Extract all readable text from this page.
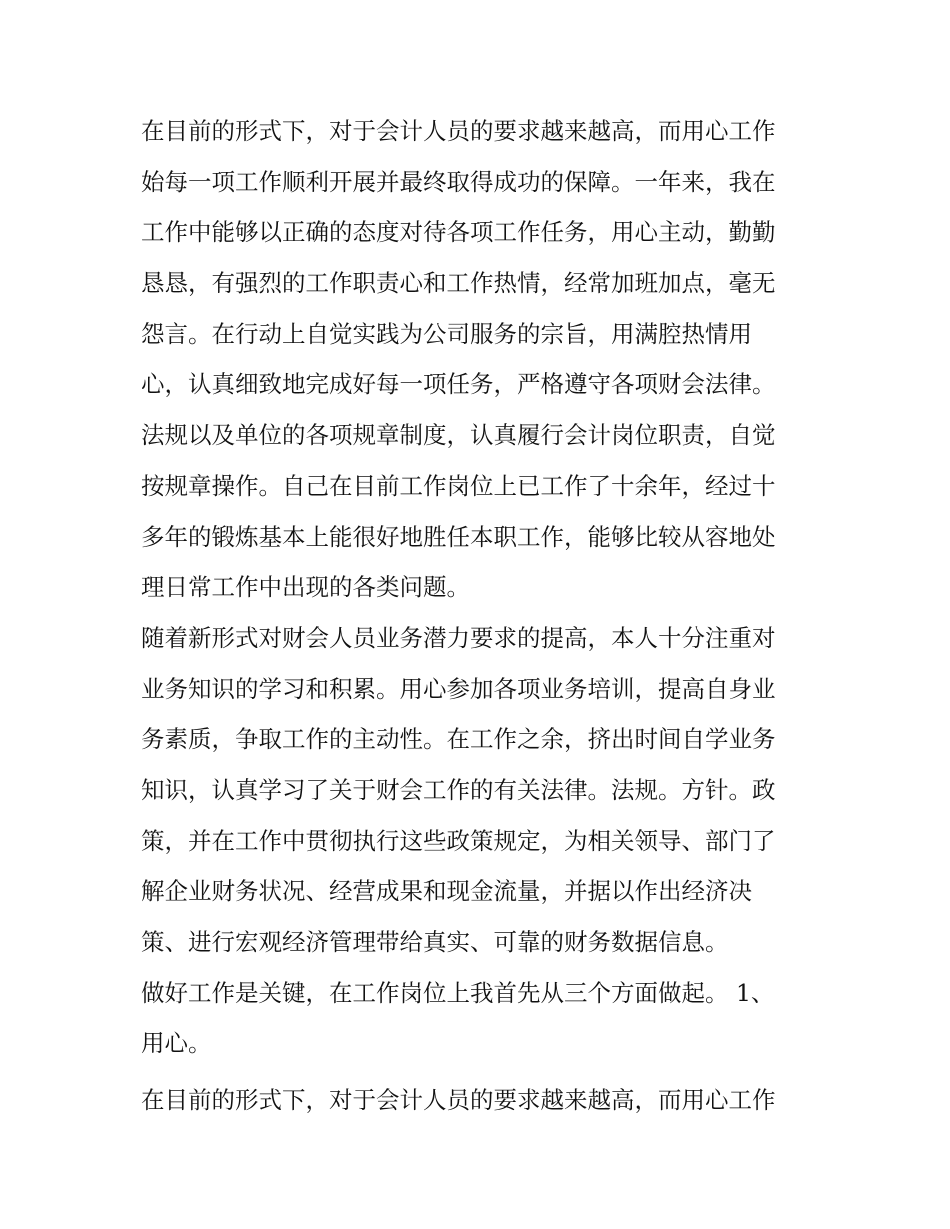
在目前的形式下，对于会计人员的要求越来越高，而用心工作
始每一项工作顺利开展并最终取得成功的保障。一年来，我在
工作中能够以正确的态度对待各项工作任务，用心主动，勤勤
恳恳，有强烈的工作职责心和工作热情，经常加班加点，毫无
怨言。在行动上自觉实践为公司服务的宗旨，用满腔热情用
心，认真细致地完成好每一项任务，严格遵守各项财会法律。
法规以及单位的各项规章制度，认真履行会计岗位职责，自觉
按规章操作。自己在目前工作岗位上已工作了十余年，经过十
多年的锻炼基本上能很好地胜任本职工作，能够比较从容地处
理日常工作中出现的各类问题。
随着新形式对财会人员业务潜力要求的提高，本人十分注重对
业务知识的学习和积累。用心参加各项业务培训，提高自身业
务素质，争取工作的主动性。在工作之余，挤出时间自学业务
知识，认真学习了关于财会工作的有关法律。法规。方针。政
策，并在工作中贯彻执行这些政策规定，为相关领导、部门了
解企业财务状况、经营成果和现金流量，并据以作出经济决
策、进行宏观经济管理带给真实、可靠的财务数据信息。
做好工作是关键，在工作岗位上我首先从三个方面做起。 1、
用心。
在目前的形式下，对于会计人员的要求越来越高，而用心工作
